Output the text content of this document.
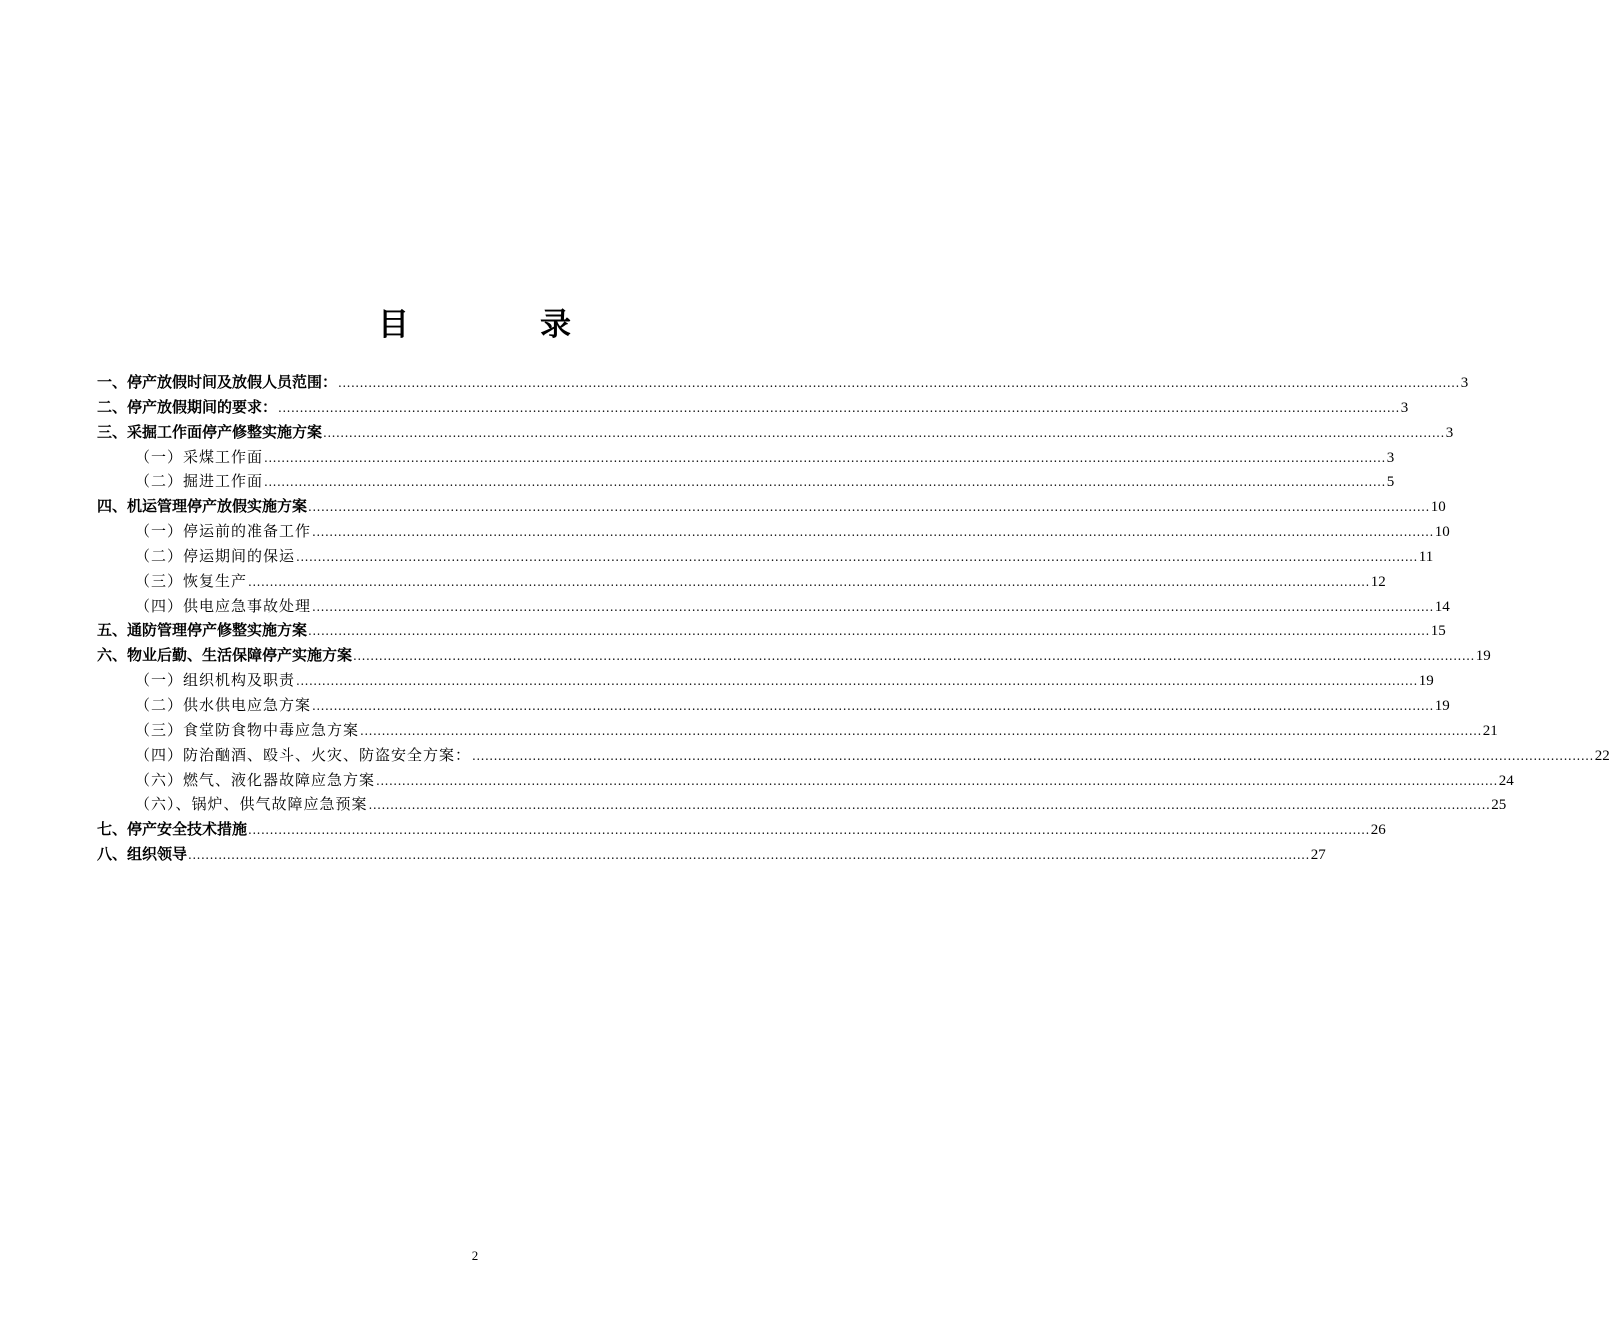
目	录
一、停产放假时间及放假人员范围： .................................................................................................................................................................................................................................................................... 3
二、停产放假期间的要求： .................................................................................................................................................................................................................................................................... 3
三、采掘工作面停产修整实施方案 .................................................................................................................................................................................................................................................................... 3
（一）采煤工作面 .................................................................................................................................................................................................................................................................... 3
（二）掘进工作面 .................................................................................................................................................................................................................................................................... 5
四、机运管理停产放假实施方案 .................................................................................................................................................................................................................................................................... 10
（一）停运前的准备工作 .................................................................................................................................................................................................................................................................... 10
（二）停运期间的保运 .................................................................................................................................................................................................................................................................... 11
（三）恢复生产 .................................................................................................................................................................................................................................................................... 12
（四）供电应急事故处理 .................................................................................................................................................................................................................................................................... 14
五、通防管理停产修整实施方案 .................................................................................................................................................................................................................................................................... 15
六、物业后勤、生活保障停产实施方案 .................................................................................................................................................................................................................................................................... 19
（一）组织机构及职责 .................................................................................................................................................................................................................................................................... 19
（二）供水供电应急方案 .................................................................................................................................................................................................................................................................... 19
（三）食堂防食物中毒应急方案 .................................................................................................................................................................................................................................................................... 21
（四）防治酗酒、殴斗、火灾、防盗安全方案： .................................................................................................................................................................................................................................................................... 22
（六）燃气、液化器故障应急方案 .................................................................................................................................................................................................................................................................... 24
（六）、锅炉、供气故障应急预案 .................................................................................................................................................................................................................................................................... 25
七、停产安全技术措施 .................................................................................................................................................................................................................................................................... 26
八、组织领导 .................................................................................................................................................................................................................................................................... 27
2
